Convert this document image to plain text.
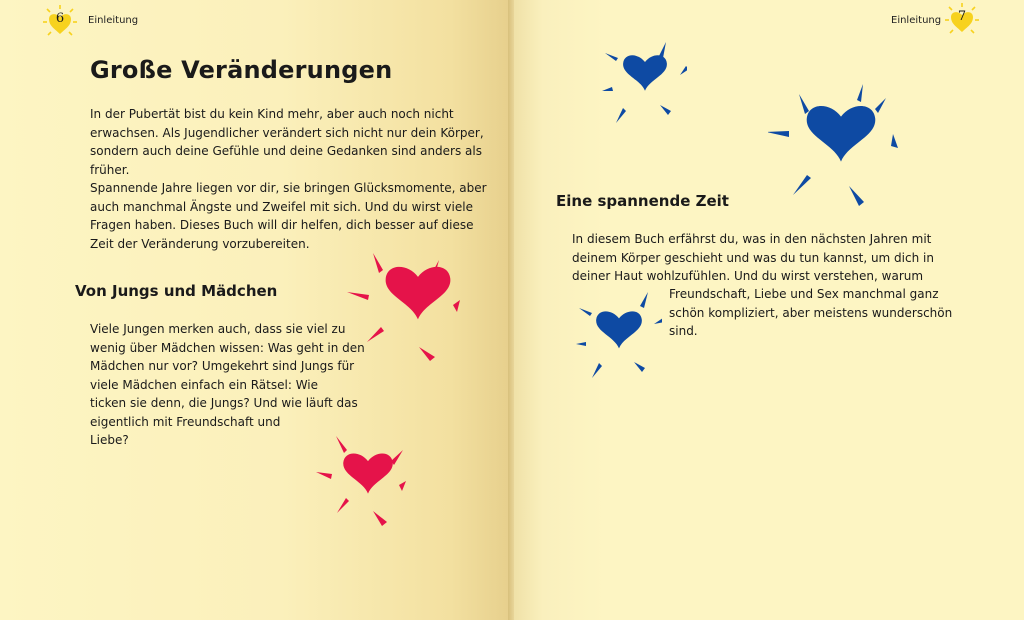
6	Einleitung	Einleitung	7
Große Veränderungen
In der Pubertät bist du kein Kind mehr, aber auch noch nicht
erwachsen. Als Jugendlicher verändert sich nicht nur dein Körper,
sondern auch deine Gefühle und deine Gedanken sind anders als
früher.
Spannende Jahre liegen vor dir, sie bringen Glücksmomente, aber
auch manchmal Ängste und Zweifel mit sich. Und du wirst viele
Fragen haben. Dieses Buch will dir helfen, dich besser auf diese
Zeit der Veränderung vorzubereiten.
Von Jungs und Mädchen
Viele Jungen merken auch, dass sie viel zu
wenig über Mädchen wissen: Was geht in den
Mädchen nur vor? Umgekehrt sind Jungs für
viele Mädchen einfach ein Rätsel: Wie
ticken sie denn, die Jungs? Und wie läuft das
eigentlich mit Freundschaft und
Liebe?
Eine spannende Zeit
In diesem Buch erfährst du, was in den nächsten Jahren mit
deinem Körper geschieht und was du tun kannst, um dich in
deiner Haut wohlzufühlen. Und du wirst verstehen, warum
Freundschaft, Liebe und Sex manchmal ganz
schön kompliziert, aber meistens wunderschön
sind.
